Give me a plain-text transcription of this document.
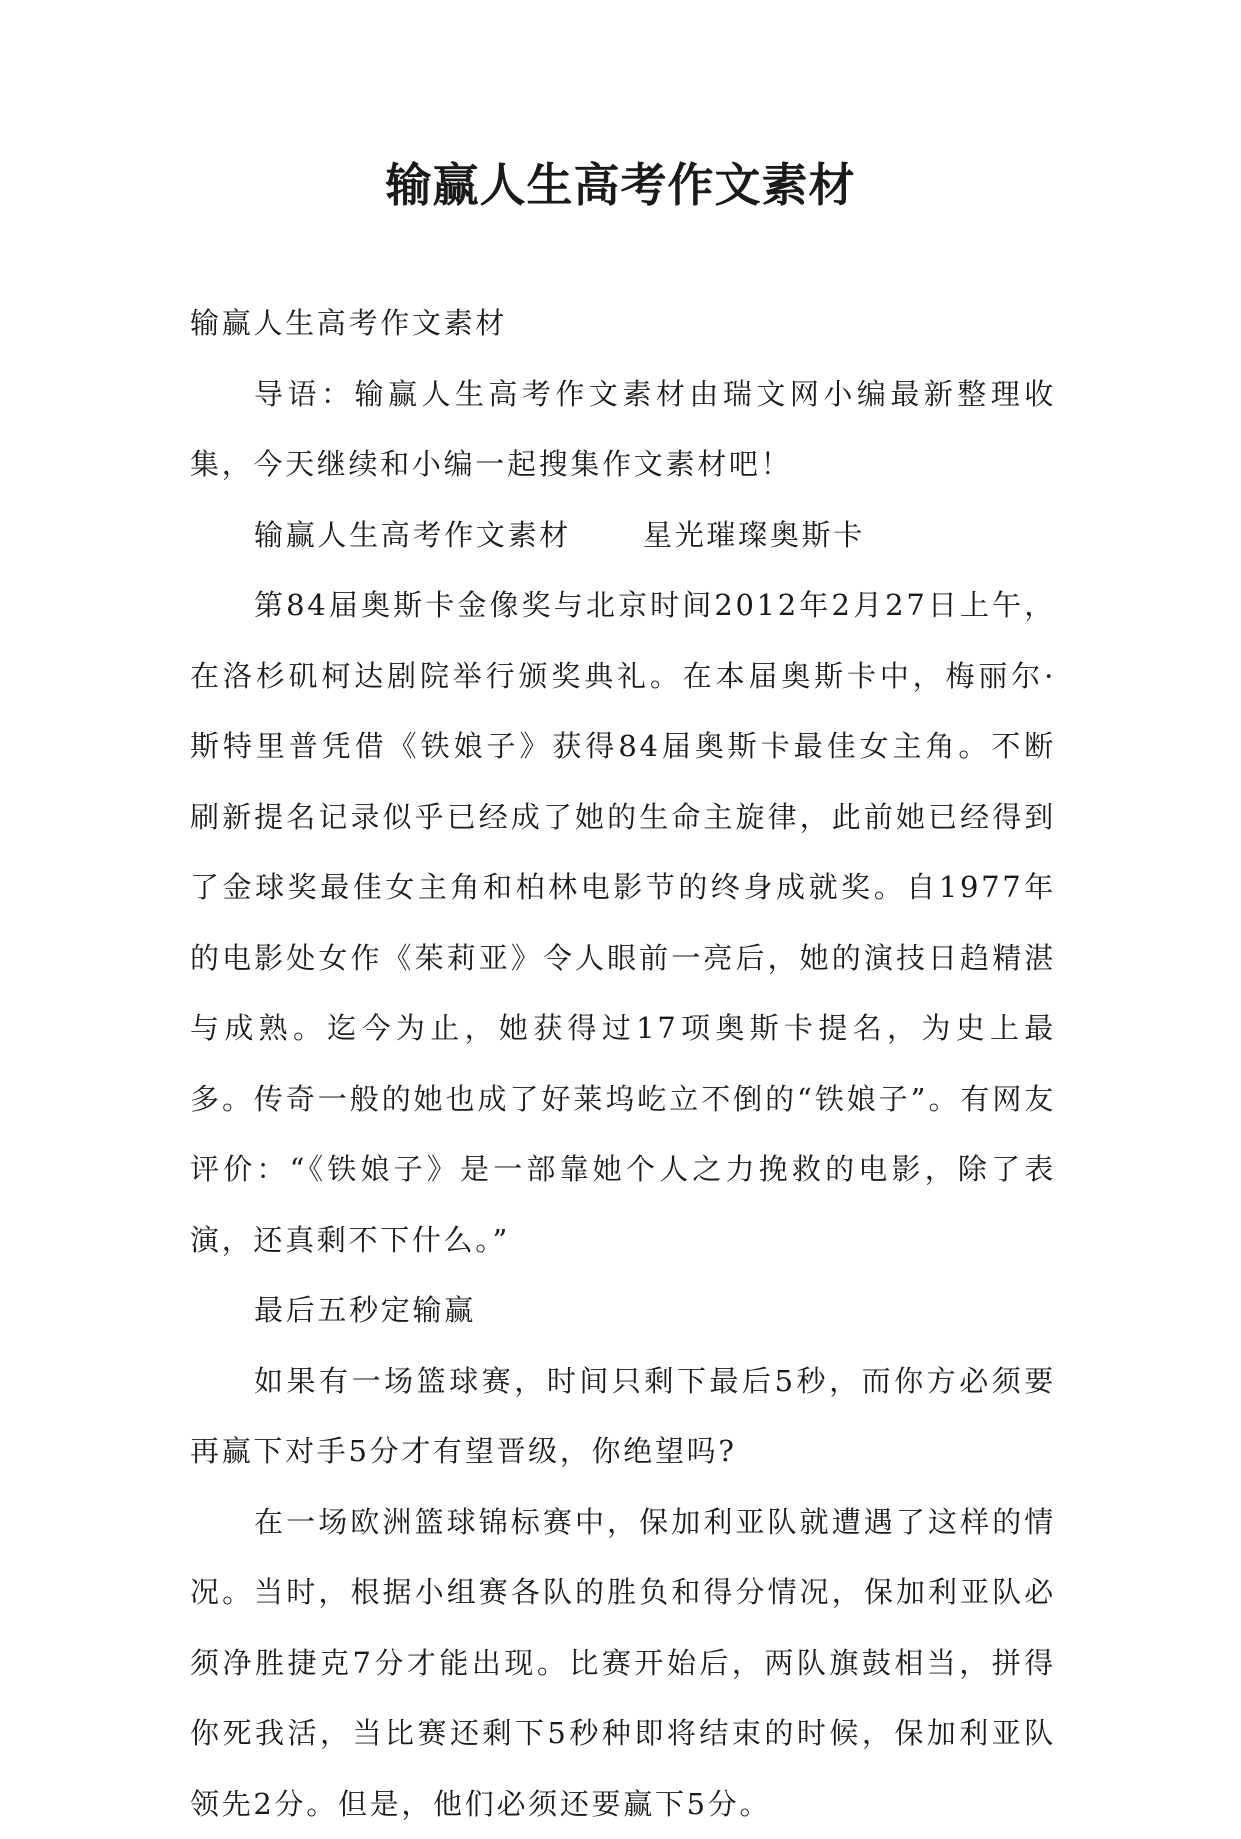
输赢人生高考作文素材

输赢人生高考作文素材

导语：输赢人生高考作文素材由瑞文网小编最新整理收集，今天继续和小编一起搜集作文素材吧！

输赢人生高考作文素材 星光璀璨奥斯卡

第84届奥斯卡金像奖与北京时间2012年2月27日上午，在洛杉矶柯达剧院举行颁奖典礼。在本届奥斯卡中，梅丽尔·斯特里普凭借《铁娘子》获得84届奥斯卡最佳女主角。不断刷新提名记录似乎已经成了她的生命主旋律，此前她已经得到了金球奖最佳女主角和柏林电影节的终身成就奖。自1977年的电影处女作《茱莉亚》令人眼前一亮后，她的演技日趋精湛与成熟。迄今为止，她获得过17项奥斯卡提名，为史上最多。传奇一般的她也成了好莱坞屹立不倒的“铁娘子”。有网友评价：“《铁娘子》是一部靠她个人之力挽救的电影，除了表演，还真剩不下什么。”

最后五秒定输赢

如果有一场篮球赛，时间只剩下最后5秒，而你方必须要再赢下对手5分才有望晋级，你绝望吗?

在一场欧洲篮球锦标赛中，保加利亚队就遭遇了这样的情况。当时，根据小组赛各队的胜负和得分情况，保加利亚队必须净胜捷克7分才能出现。比赛开始后，两队旗鼓相当，拼得你死我活，当比赛还剩下5秒种即将结束的时候，保加利亚队领先2分。但是，他们必须还要赢下5分。
